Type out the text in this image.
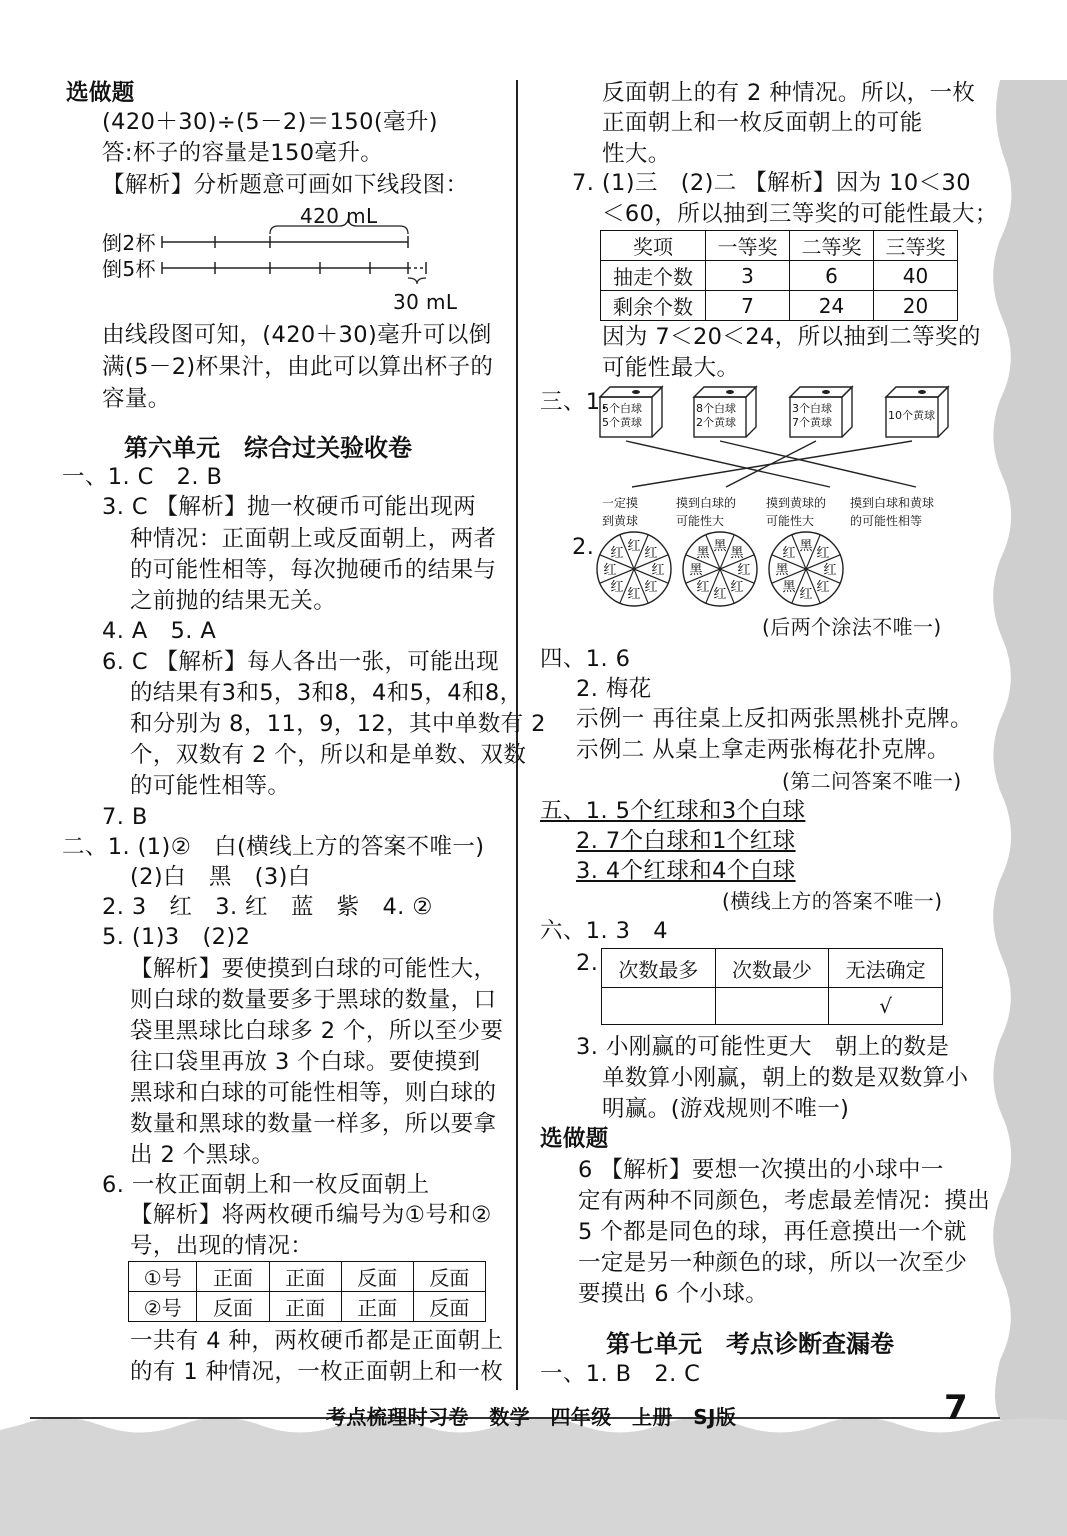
选做题
(420＋30)÷(5－2)＝150(毫升)
答:杯子的容量是150毫升。
【解析】分析题意可画如下线段图：
420 mL
倒2杯
倒5杯
30 mL
由线段图可知，(420＋30)毫升可以倒
满(5－2)杯果汁，由此可以算出杯子的
容量。
第六单元　综合过关验收卷
一、1. C　2. B
3. C 【解析】抛一枚硬币可能出现两
种情况：正面朝上或反面朝上，两者
的可能性相等，每次抛硬币的结果与
之前抛的结果无关。
4. A　5. A
6. C 【解析】每人各出一张，可能出现
的结果有3和5，3和8，4和5，4和8，
和分别为 8，11，9，12，其中单数有 2
个，双数有 2 个，所以和是单数、双数
的可能性相等。
7. B
二、1. (1)②　白(横线上方的答案不唯一)
(2)白　黑　(3)白
2. 3　红　3. 红　蓝　紫　4. ②
5. (1)3　(2)2
【解析】要使摸到白球的可能性大，
则白球的数量要多于黑球的数量，口
袋里黑球比白球多 2 个，所以至少要
往口袋里再放 3 个白球。要使摸到
黑球和白球的可能性相等，则白球的
数量和黑球的数量一样多，所以要拿
出 2 个黑球。
6. 一枚正面朝上和一枚反面朝上
【解析】将两枚硬币编号为①号和②
号，出现的情况：
①号	正面	正面	反面	反面
②号	反面	正面	正面	反面
一共有 4 种，两枚硬币都是正面朝上
的有 1 种情况，一枚正面朝上和一枚
反面朝上的有 2 种情况。所以，一枚
正面朝上和一枚反面朝上的可能
性大。
7. (1)三　(2)二 【解析】因为 10＜30
＜60，所以抽到三等奖的可能性最大；
奖项	一等奖	二等奖	三等奖
抽走个数	3	6	40
剩余个数	7	24	20
因为 7＜20＜24，所以抽到二等奖的
可能性最大。
三、1.
5个白球
5个黄球
8个白球
2个黄球
3个白球
7个黄球
10个黄球
一定摸
到黄球
摸到白球的
可能性大
摸到黄球的
可能性大
摸到白球和黄球
的可能性相等
2.	红 红
红
红
红
红
红
红	黑 黑
红
红
红
红
黑
黑	黑 红
红
红
红
黑
黑
红
(后两个涂法不唯一)
四、1. 6
2. 梅花
示例一 再往桌上反扣两张黑桃扑克牌。
示例二 从桌上拿走两张梅花扑克牌。
(第二问答案不唯一)
五、1. 5个红球和3个白球
2. 7个白球和1个红球
3. 4个红球和4个白球
(横线上方的答案不唯一)
六、1. 3　4
2. 次数最多	次数最少	无法确定
		√
3. 小刚赢的可能性更大　朝上的数是
单数算小刚赢，朝上的数是双数算小
明赢。(游戏规则不唯一)
选做题
6 【解析】要想一次摸出的小球中一
定有两种不同颜色，考虑最差情况：摸出
5 个都是同色的球，再任意摸出一个就
一定是另一种颜色的球，所以一次至少
要摸出 6 个小球。
第七单元　考点诊断查漏卷
一、1. B　2. C
考点梳理时习卷　数学　四年级　上册　SJ版	7
